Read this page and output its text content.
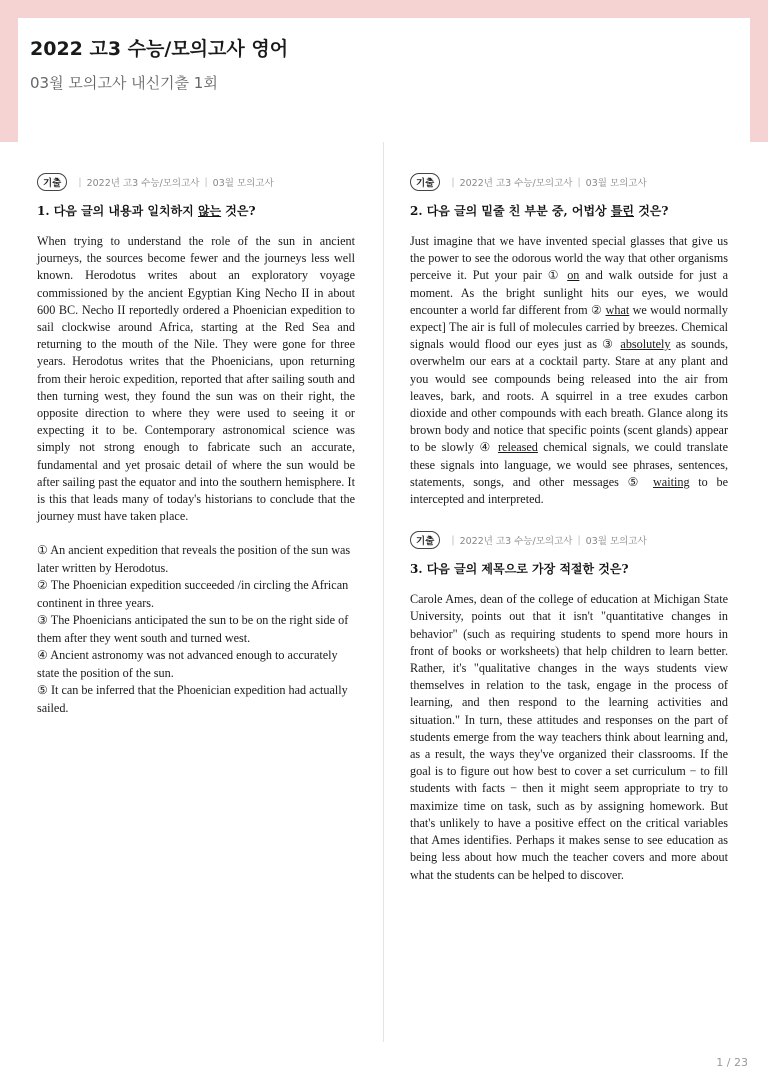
2022 고3 수능/모의고사 영어
03월 모의고사 내신기출 1회
기출	| 2022년 고3 수능/모의고사 | 03월 모의고사
1. 다음 글의 내용과 일치하지 않는 것은?
When trying to understand the role of the sun in ancient journeys, the sources become fewer and the journeys less well known. Herodotus writes about an exploratory voyage commissioned by the ancient Egyptian King Necho II in about 600 BC. Necho II reportedly ordered a Phoenician expedition to sail clockwise around Africa, starting at the Red Sea and returning to the mouth of the Nile. They were gone for three years. Herodotus writes that the Phoenicians, upon returning from their heroic expedition, reported that after sailing south and then turning west, they found the sun was on their right, the opposite direction to where they were used to seeing it or expecting it to be. Contemporary astronomical science was simply not strong enough to fabricate such an accurate, fundamental and yet prosaic detail of where the sun would be after sailing past the equator and into the southern hemisphere. It is this that leads many of today's historians to conclude that the journey must have taken place.
① An ancient expedition that reveals the position of the sun was later written by Herodotus.
② The Phoenician expedition succeeded /in circling the African continent in three years.
③ The Phoenicians anticipated the sun to be on the right side of them after they went south and turned west.
④ Ancient astronomy was not advanced enough to accurately state the position of the sun.
⑤ It can be inferred that the Phoenician expedition had actually sailed.
기출	| 2022년 고3 수능/모의고사 | 03월 모의고사
2. 다음 글의 밑줄 친 부분 중, 어법상 틀린 것은?
Just imagine that we have invented special glasses that give us the power to see the odorous world the way that other organisms perceive it. Put your pair ① on and walk outside for just a moment. As the bright sunlight hits our eyes, we would encounter a world far different from ② what we would normally expect] The air is full of molecules carried by breezes. Chemical signals would flood our eyes just as ③ absolutely as sounds, overwhelm our ears at a cocktail party. Stare at any plant and you would see compounds being released into the air from leaves, bark, and roots. A squirrel in a tree exudes carbon dioxide and other compounds with each breath. Glance along its brown body and notice that specific points (scent glands) appear to be slowly ④ released chemical signals, we could translate these signals into language, we would see phrases, sentences, statements, songs, and other messages ⑤ waiting to be intercepted and interpreted.
기출	| 2022년 고3 수능/모의고사 | 03월 모의고사
3. 다음 글의 제목으로 가장 적절한 것은?
Carole Ames, dean of the college of education at Michigan State University, points out that it isn't "quantitative changes in behavior" (such as requiring students to spend more hours in front of books or worksheets) that help children to learn better. Rather, it's "qualitative changes in the ways students view themselves in relation to the task, engage in the process of learning, and then respond to the learning activities and situation." In turn, these attitudes and responses on the part of students emerge from the way teachers think about learning and, as a result, the ways they've organized their classrooms. If the goal is to figure out how best to cover a set curriculum − to fill students with facts − then it might seem appropriate to try to maximize time on task, such as by assigning homework. But that's unlikely to have a positive effect on the critical variables that Ames identifies. Perhaps it makes sense to see education as being less about how much the teacher covers and more about what the students can be helped to discover.
1 / 23
